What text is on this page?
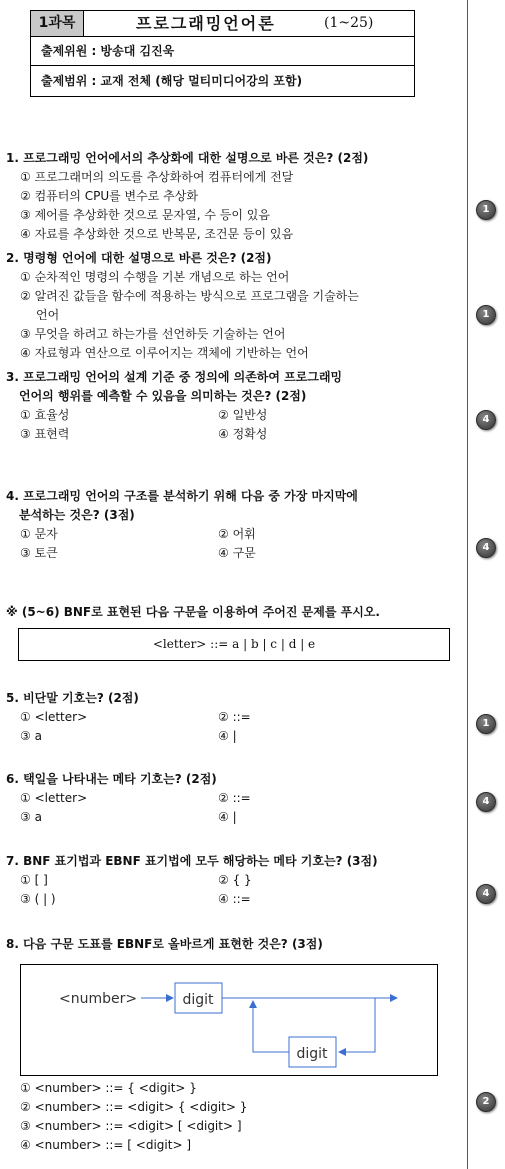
1과목	프로그래밍언어론	(1~25)
출제위원 : 방송대 김진욱
출제범위 : 교재 전체 (해당 멀티미디어강의 포함)
1. 프로그래밍 언어에서의 추상화에 대한 설명으로 바른 것은? (2점)
① 프로그래머의 의도를 추상화하여 컴퓨터에게 전달
② 컴퓨터의 CPU를 변수로 추상화
③ 제어를 추상화한 것으로 문자열, 수 등이 있음
④ 자료를 추상화한 것으로 반복문, 조건문 등이 있음
2. 명령형 언어에 대한 설명으로 바른 것은? (2점)
① 순차적인 명령의 수행을 기본 개념으로 하는 언어
② 알려진 값들을 함수에 적용하는 방식으로 프로그램을 기술하는
언어
③ 무엇을 하려고 하는가를 선언하듯 기술하는 언어
④ 자료형과 연산으로 이루어지는 객체에 기반하는 언어
3. 프로그래밍 언어의 설계 기준 중 정의에 의존하여 프로그래밍
언어의 행위를 예측할 수 있음을 의미하는 것은? (2점)
① 효율성	② 일반성
③ 표현력	④ 정확성
4. 프로그래밍 언어의 구조를 분석하기 위해 다음 중 가장 마지막에
분석하는 것은? (3점)
① 문자	② 어휘
③ 토큰	④ 구문
※ (5~6) BNF로 표현된 다음 구문을 이용하여 주어진 문제를 푸시오.
<letter> ::= a | b | c | d | e
5. 비단말 기호는? (2점)
① <letter>	② ::=
③ a	④ |
6. 택일을 나타내는 메타 기호는? (2점)
① <letter>	② ::=
③ a	④ |
7. BNF 표기법과 EBNF 표기법에 모두 해당하는 메타 기호는? (3점)
① [ ]	② { }
③ ( | )	④ ::=
8. 다음 구문 도표를 EBNF로 올바르게 표현한 것은? (3점)
<number>	digit
digit
① <number> ::= { <digit> }
② <number> ::= <digit> { <digit> }
③ <number> ::= <digit> [ <digit> ]
④ <number> ::= [ <digit> ]
1
1
4
4
1
4
4
2
